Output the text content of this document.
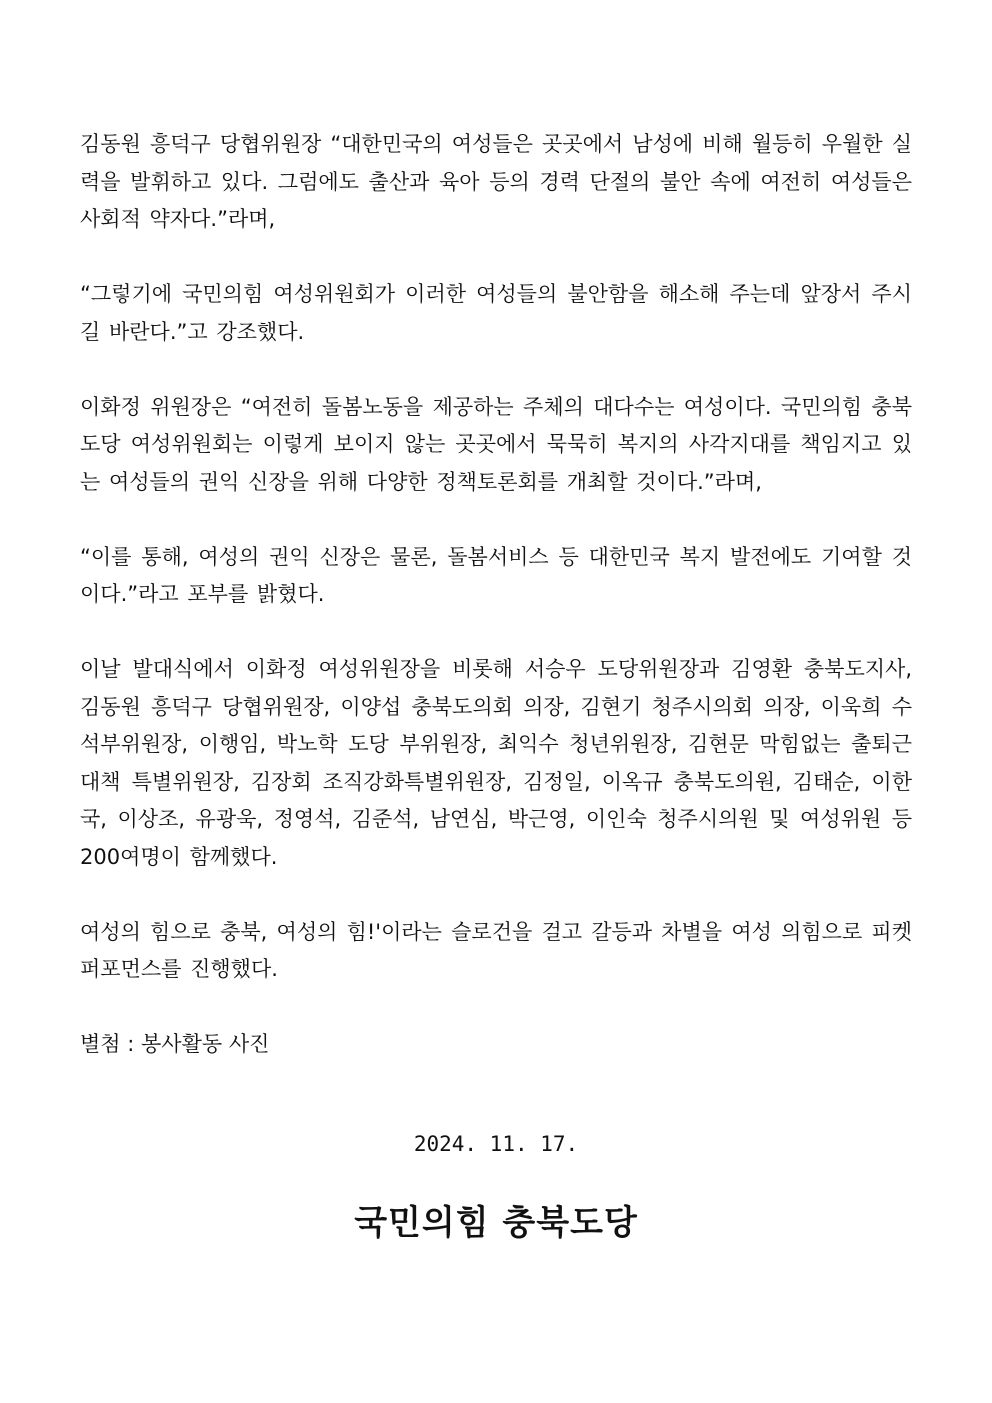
김동원 흥덕구 당협위원장 “대한민국의 여성들은 곳곳에서 남성에 비해 월등히 우월한 실력을 발휘하고 있다. 그럼에도 출산과 육아 등의 경력 단절의 불안 속에 여전히 여성들은 사회적 약자다.”라며,

“그렇기에 국민의힘 여성위원회가 이러한 여성들의 불안함을 해소해 주는데 앞장서 주시길 바란다.”고 강조했다.

이화정 위원장은 “여전히 돌봄노동을 제공하는 주체의 대다수는 여성이다. 국민의힘 충북도당 여성위원회는 이렇게 보이지 않는 곳곳에서 묵묵히 복지의 사각지대를 책임지고 있는 여성들의 권익 신장을 위해 다양한 정책토론회를 개최할 것이다.”라며,

“이를 통해, 여성의 권익 신장은 물론, 돌봄서비스 등 대한민국 복지 발전에도 기여할 것이다.”라고 포부를 밝혔다.

이날 발대식에서 이화정 여성위원장을 비롯해 서승우 도당위원장과 김영환 충북도지사, 김동원 흥덕구 당협위원장, 이양섭 충북도의회 의장, 김현기 청주시의회 의장, 이욱희 수석부위원장, 이행임, 박노학 도당 부위원장, 최익수 청년위원장, 김현문 막힘없는 출퇴근대책 특별위원장, 김장회 조직강화특별위원장, 김정일, 이옥규 충북도의원, 김태순, 이한국, 이상조, 유광욱, 정영석, 김준석, 남연심, 박근영, 이인숙 청주시의원 및 여성위원 등 200여명이 함께했다.

여성의 힘으로 충북, 여성의 힘!'이라는 슬로건을 걸고 갈등과 차별을 여성 의힘으로 피켓 퍼포먼스를 진행했다.

별첨 : 봉사활동 사진

2024. 11. 17.
국민의힘 충북도당
